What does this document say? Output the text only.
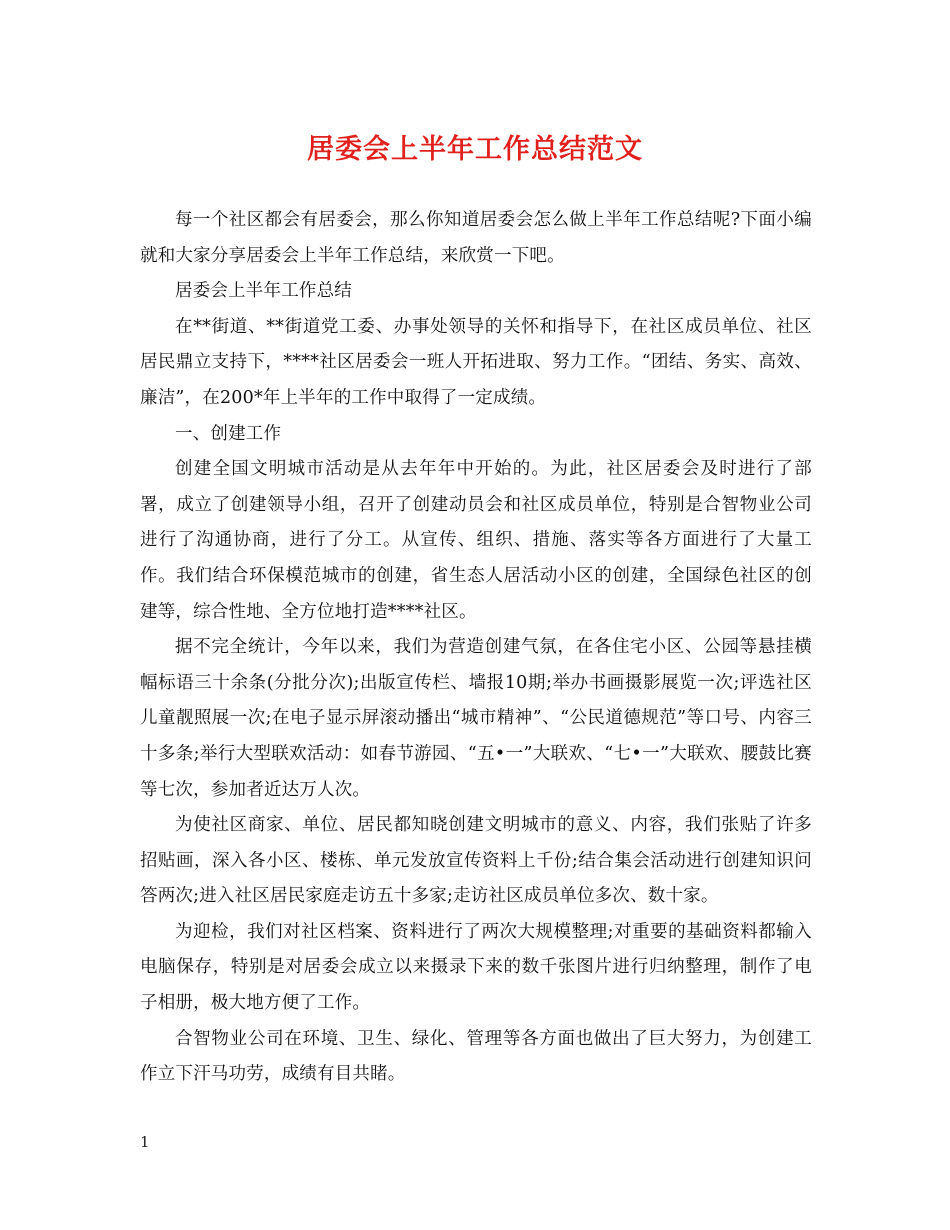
居委会上半年工作总结范文

每一个社区都会有居委会，那么你知道居委会怎么做上半年工作总结呢?下面小编就和大家分享居委会上半年工作总结，来欣赏一下吧。

居委会上半年工作总结

在**街道、**街道党工委、办事处领导的关怀和指导下，在社区成员单位、社区居民鼎立支持下，****社区居委会一班人开拓进取、努力工作。“团结、务实、高效、廉洁”，在200*年上半年的工作中取得了一定成绩。

一、创建工作

创建全国文明城市活动是从去年年中开始的。为此，社区居委会及时进行了部署，成立了创建领导小组，召开了创建动员会和社区成员单位，特别是合智物业公司进行了沟通协商，进行了分工。从宣传、组织、措施、落实等各方面进行了大量工作。我们结合环保模范城市的创建，省生态人居活动小区的创建，全国绿色社区的创建等，综合性地、全方位地打造****社区。

据不完全统计，今年以来，我们为营造创建气氛，在各住宅小区、公园等悬挂横幅标语三十余条(分批分次);出版宣传栏、墙报10期;举办书画摄影展览一次;评选社区儿童靓照展一次;在电子显示屏滚动播出“城市精神”、“公民道德规范”等口号、内容三十多条;举行大型联欢活动：如春节游园、“五•一”大联欢、“七•一”大联欢、腰鼓比赛等七次，参加者近达万人次。

为使社区商家、单位、居民都知晓创建文明城市的意义、内容，我们张贴了许多招贴画，深入各小区、楼栋、单元发放宣传资料上千份;结合集会活动进行创建知识问答两次;进入社区居民家庭走访五十多家;走访社区成员单位多次、数十家。

为迎检，我们对社区档案、资料进行了两次大规模整理;对重要的基础资料都输入电脑保存，特别是对居委会成立以来摄录下来的数千张图片进行归纳整理，制作了电子相册，极大地方便了工作。

合智物业公司在环境、卫生、绿化、管理等各方面也做出了巨大努力，为创建工作立下汗马功劳，成绩有目共睹。

1
